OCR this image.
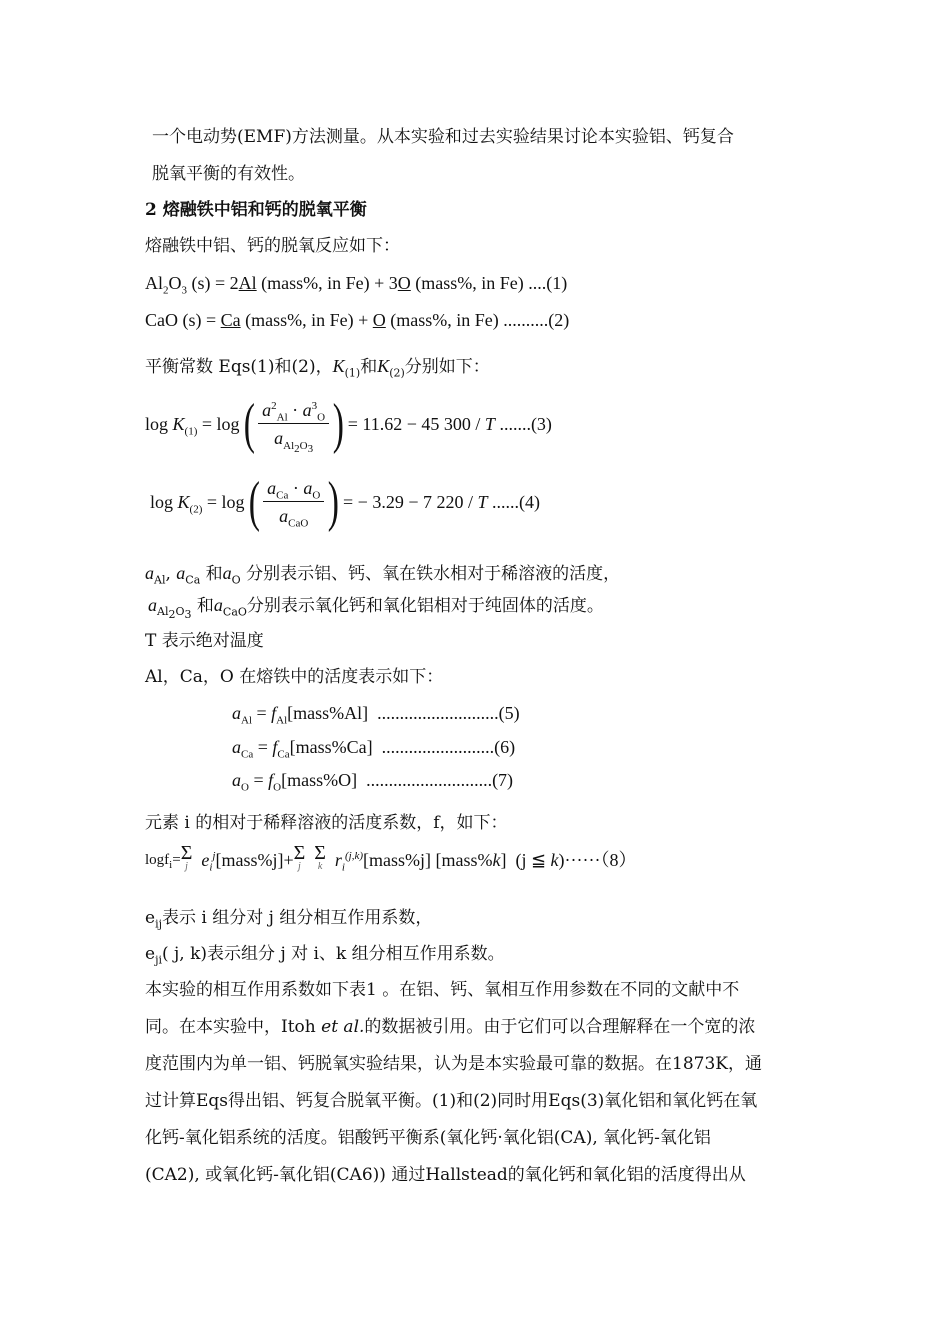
一个电动势(EMF)方法测量。从本实验和过去实验结果讨论本实验铝、钙复合
脱氧平衡的有效性。
2 熔融铁中铝和钙的脱氧平衡
熔融铁中铝、钙的脱氧反应如下：
$Al_2O_3$ (s) = 2Al (mass%, in Fe) + 3O (mass%, in Fe) ....(1)
CaO (s) = Ca (mass%, in Fe) + O (mass%, in Fe) ..........(2)
平衡常数 Eqs(1)和(2)，$K_{(1)}$和$K_{(2)}$分别如下：
$\log K_{(1)} = \log( \frac{a^2_{Al} \cdot a^3_O}{a_{Al_2O_3}}$ ) = 11.62 − 45 300 / T .......(3)
$\log K_{(2)} = \log( \frac{a_{Ca} \cdot a_O}{a_{CaO}}$ ) = − 3.29 − 7 220 / T ......(4)
$a_{Al}$, $a_{Ca}$ 和$a_O$ 分别表示铝、钙、氧在铁水相对于稀溶液的活度，
$a_{Al_2O_3}$ 和$a_{CaO}$分别表示氧化钙和氧化铝相对于纯固体的活度。
T 表示绝对温度
Al，Ca，O 在熔铁中的活度表示如下：
$a_{Al}$ = $f_{Al}[mass\%Al]$ ...........................(5)
$a_{Ca}$ = $f_{Ca}[mass\%Ca]$ .........................(6)
$a_O$ = $f_O[mass\%O]$ ............................(7)
元素 i 的相对于稀释溶液的活度系数，f，如下：
logf$_i$= Σ
j $e_i^j[mass\%j]+ \Sigma$
j

Σ
k $r_i^{(j,k)}[mass\%j]$ [mass%k]  (j ≦ k)······（8）
$e_{ij}$表示 i 组分对 j 组分相互作用系数，
$e_{ji}$( j, k)表示组分 j 对 i、k 组分相互作用系数。
本实验的相互作用系数如下表1 。在铝、钙、氧相互作用参数在不同的文献中不
同。在本实验中，Itoh et al.的数据被引用。由于它们可以合理解释在一个宽的浓
度范围内为单一铝、钙脱氧实验结果，认为是本实验最可靠的数据。在1873K，通
过计算Eqs得出铝、钙复合脱氧平衡。(1)和(2)同时用Eqs(3)氧化铝和氧化钙在氧
化钙-氧化铝系统的活度。铝酸钙平衡系(氧化钙·氧化铝(CA), 氧化钙-氧化铝
(CA2), 或氧化钙-氧化铝(CA6)) 通过Hallstead的氧化钙和氧化铝的活度得出从
